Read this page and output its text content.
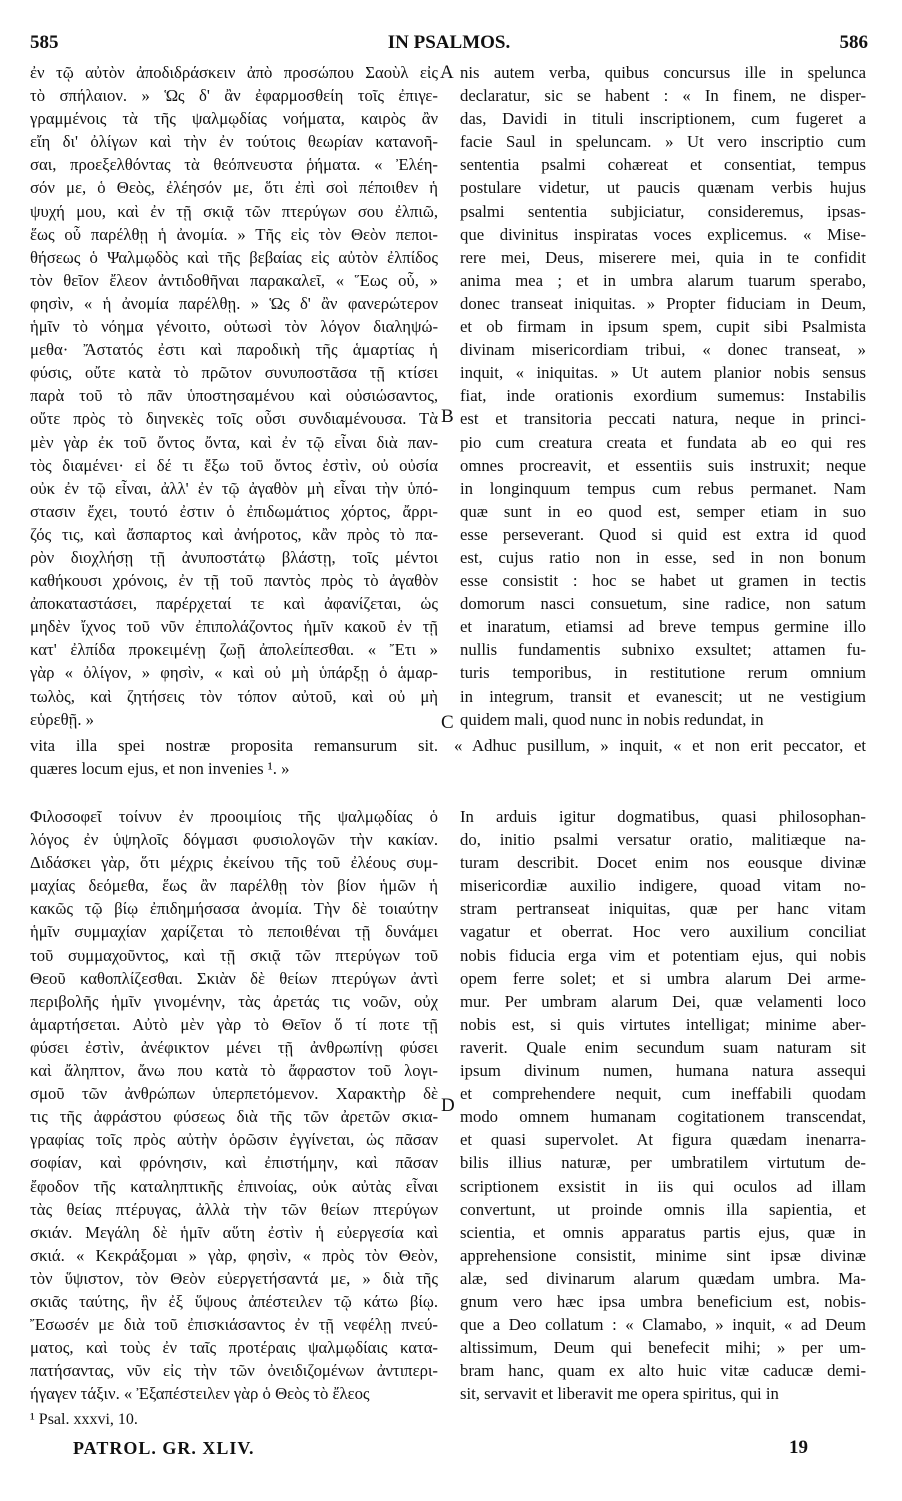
585	IN PSALMOS.	586
ἐν τῷ αὐτὸν ἀποδιδράσκειν ἀπὸ προσώπου Σαοὺλ εἰς
τὸ σπήλαιον. » Ὡς δ' ἂν ἐφαρμοσθείη τοῖς ἐπιγε-
γραμμένοις τὰ τῆς ψαλμῳδίας νοήματα, καιρὸς ἂν
εἴη δι' ὀλίγων καὶ τὴν ἐν τούτοις θεωρίαν κατανοῆ-
σαι, προεξελθόντας τὰ θεόπνευστα ῥήματα. « Ἐλέη-
σόν με, ὁ Θεὸς, ἐλέησόν με, ὅτι ἐπὶ σοὶ πέποιθεν ἡ
ψυχή μου, καὶ ἐν τῇ σκιᾷ τῶν πτερύγων σου ἐλπιῶ,
ἕως οὗ παρέλθῃ ἡ ἀνομία. » Τῆς εἰς τὸν Θεὸν πεποι-
θήσεως ὁ Ψαλμῳδὸς καὶ τῆς βεβαίας εἰς αὐτὸν ἐλπίδος
τὸν θεῖον ἔλεον ἀντιδοθῆναι παρακαλεῖ, « Ἕως οὗ, »
φησὶν, « ἡ ἀνομία παρέλθῃ. » Ὡς δ' ἂν φανερώτερον
ἡμῖν τὸ νόημα γένοιτο, οὑτωσὶ τὸν λόγον διαληψώ-
μεθα· Ἄστατός ἐστι καὶ παροδικὴ τῆς ἁμαρτίας ἡ
φύσις, οὔτε κατὰ τὸ πρῶτον συνυποστᾶσα τῇ κτίσει
παρὰ τοῦ τὸ πᾶν ὑποστησαμένου καὶ οὐσιώσαντος,
οὔτε πρὸς τὸ διηνεκὲς τοῖς οὖσι συνδιαμένουσα. Τὰ
μὲν γὰρ ἐκ τοῦ ὄντος ὄντα, καὶ ἐν τῷ εἶναι διὰ παν-
τὸς διαμένει· εἰ δέ τι ἔξω τοῦ ὄντος ἐστὶν, οὐ οὐσία
οὐκ ἐν τῷ εἶναι, ἀλλ' ἐν τῷ ἀγαθὸν μὴ εἶναι τὴν ὑπό-
στασιν ἔχει, τουτό ἐστιν ὁ ἐπιδωμάτιος χόρτος, ἄρρι-
ζός τις, καὶ ἄσπαρτος καὶ ἀνήροτος, κἂν πρὸς τὸ πα-
ρὸν διοχλήσῃ τῇ ἀνυποστάτῳ βλάστῃ, τοῖς μέντοι
καθήκουσι χρόνοις, ἐν τῇ τοῦ παντὸς πρὸς τὸ ἀγαθὸν
ἀποκαταστάσει, παρέρχεταί τε καὶ ἀφανίζεται, ὡς
μηδὲν ἴχνος τοῦ νῦν ἐπιπολάζοντος ἡμῖν κακοῦ ἐν τῇ
κατ' ἐλπίδα προκειμένῃ ζωῇ ἀπολείπεσθαι. « Ἔτι »
γὰρ « ὀλίγον, » φησὶν, « καὶ οὐ μὴ ὑπάρξῃ ὁ ἁμαρ-
τωλὸς, καὶ ζητήσεις τὸν τόπον αὐτοῦ, καὶ οὐ μὴ
εὑρεθῇ. »
nis autem verba, quibus concursus ille in spelunca
declaratur, sic se habent : « In finem, ne disper-
das, Davidi in tituli inscriptionem, cum fugeret a
facie Saul in speluncam. » Ut vero inscriptio cum
sententia psalmi cohæreat et consentiat, tempus
postulare videtur, ut paucis quænam verbis hujus
psalmi sententia subjiciatur, consideremus, ipsas-
que divinitus inspiratas voces explicemus. « Mise-
rere mei, Deus, miserere mei, quia in te confidit
anima mea ; et in umbra alarum tuarum sperabo,
donec transeat iniquitas. » Propter fiduciam in Deum,
et ob firmam in ipsum spem, cupit sibi Psalmista
divinam misericordiam tribui, « donec transeat, »
inquit, « iniquitas. » Ut autem planior nobis sensus
fiat, inde orationis exordium sumemus: Instabilis
est et transitoria peccati natura, neque in princi-
pio cum creatura creata et fundata ab eo qui res
omnes procreavit, et essentiis suis instruxit; neque
in longinquum tempus cum rebus permanet. Nam
quæ sunt in eo quod est, semper etiam in suo
esse perseverant. Quod si quid est extra id quod
est, cujus ratio non in esse, sed in non bonum
esse consistit : hoc se habet ut gramen in tectis
domorum nasci consuetum, sine radice, non satum
et inaratum, etiamsi ad breve tempus germine illo
nullis fundamentis subnixo exsultet; attamen fu-
turis temporibus, in restitutione rerum omnium
in integrum, transit et evanescit; ut ne vestigium
quidem mali, quod nunc in nobis redundat, in
vita illa spei nostræ proposita remansurum sit. « Adhuc pusillum, » inquit, « et non erit peccator, et
quæres locum ejus, et non invenies ¹. »
Φιλοσοφεῖ τοίνυν ἐν προοιμίοις τῆς ψαλμῳδίας ὁ
λόγος ἐν ὑψηλοῖς δόγμασι φυσιολογῶν τὴν κακίαν.
Διδάσκει γὰρ, ὅτι μέχρις ἐκείνου τῆς τοῦ ἐλέους συμ-
μαχίας δεόμεθα, ἕως ἂν παρέλθῃ τὸν βίον ἡμῶν ἡ
κακῶς τῷ βίῳ ἐπιδημήσασα ἀνομία. Τὴν δὲ τοιαύτην
ἡμῖν συμμαχίαν χαρίζεται τὸ πεποιθέναι τῇ δυνάμει
τοῦ συμμαχοῦντος, καὶ τῇ σκιᾷ τῶν πτερύγων τοῦ
Θεοῦ καθοπλίζεσθαι. Σκιὰν δὲ θείων πτερύγων ἀντὶ
περιβολῆς ἡμῖν γινομένην, τὰς ἀρετάς τις νοῶν, οὐχ
ἁμαρτήσεται. Αὐτὸ μὲν γὰρ τὸ Θεῖον ὅ τί ποτε τῇ
φύσει ἐστὶν, ἀνέφικτον μένει τῇ ἀνθρωπίνῃ φύσει
καὶ ἄληπτον, ἄνω που κατὰ τὸ ἄφραστον τοῦ λογι-
σμοῦ τῶν ἀνθρώπων ὑπερπετόμενον. Χαρακτὴρ δὲ
τις τῆς ἀφράστου φύσεως διὰ τῆς τῶν ἀρετῶν σκια-
γραφίας τοῖς πρὸς αὐτὴν ὁρῶσιν ἐγγίνεται, ὡς πᾶσαν
σοφίαν, καὶ φρόνησιν, καὶ ἐπιστήμην, καὶ πᾶσαν
ἔφοδον τῆς καταληπτικῆς ἐπινοίας, οὐκ αὐτὰς εἶναι
τὰς θείας πτέρυγας, ἀλλὰ τὴν τῶν θείων πτερύγων
σκιάν. Μεγάλη δὲ ἡμῖν αὕτη ἐστὶν ἡ εὐεργεσία καὶ
σκιά. « Κεκράξομαι » γὰρ, φησὶν, « πρὸς τὸν Θεὸν,
τὸν ὕψιστον, τὸν Θεὸν εὐεργετήσαντά με, » διὰ τῆς
σκιᾶς ταύτης, ἣν ἐξ ὕψους ἀπέστειλεν τῷ κάτω βίῳ.
Ἔσωσέν με διὰ τοῦ ἐπισκιάσαντος ἐν τῇ νεφέλῃ πνεύ-
ματος, καὶ τοὺς ἐν ταῖς προτέραις ψαλμῳδίαις κατα-
πατήσαντας, νῦν εἰς τὴν τῶν ὀνειδιζομένων ἀντιπερι-
ήγαγεν τάξιν. « Ἐξαπέστειλεν γὰρ ὁ Θεὸς τὸ ἔλεος
In arduis igitur dogmatibus, quasi philosophan-
do, initio psalmi versatur oratio, malitiæque na-
turam describit. Docet enim nos eousque divinæ
misericordiæ auxilio indigere, quoad vitam no-
stram pertranseat iniquitas, quæ per hanc vitam
vagatur et oberrat. Hoc vero auxilium conciliat
nobis fiducia erga vim et potentiam ejus, qui nobis
opem ferre solet; et si umbra alarum Dei arme-
mur. Per umbram alarum Dei, quæ velamenti loco
nobis est, si quis virtutes intelligat; minime aber-
raverit. Quale enim secundum suam naturam sit
ipsum divinum numen, humana natura assequi
et comprehendere nequit, cum ineffabili quodam
modo omnem humanam cogitationem transcendat,
et quasi supervolet. At figura quædam inenarra-
bilis illius naturæ, per umbratilem virtutum de-
scriptionem exsistit in iis qui oculos ad illam
convertunt, ut proinde omnis illa sapientia, et
scientia, et omnis apparatus partis ejus, quæ in
apprehensione consistit, minime sint ipsæ divinæ
alæ, sed divinarum alarum quædam umbra. Ma-
gnum vero hæc ipsa umbra beneficium est, nobis-
que a Deo collatum : « Clamabo, » inquit, « ad Deum
altissimum, Deum qui benefecit mihi; » per um-
bram hanc, quam ex alto huic vitæ caducæ demi-
sit, servavit et liberavit me opera spiritus, qui in
A
B
C
D
¹ Psal. xxxvi, 10.
PATROL. GR. XLIV.	19
